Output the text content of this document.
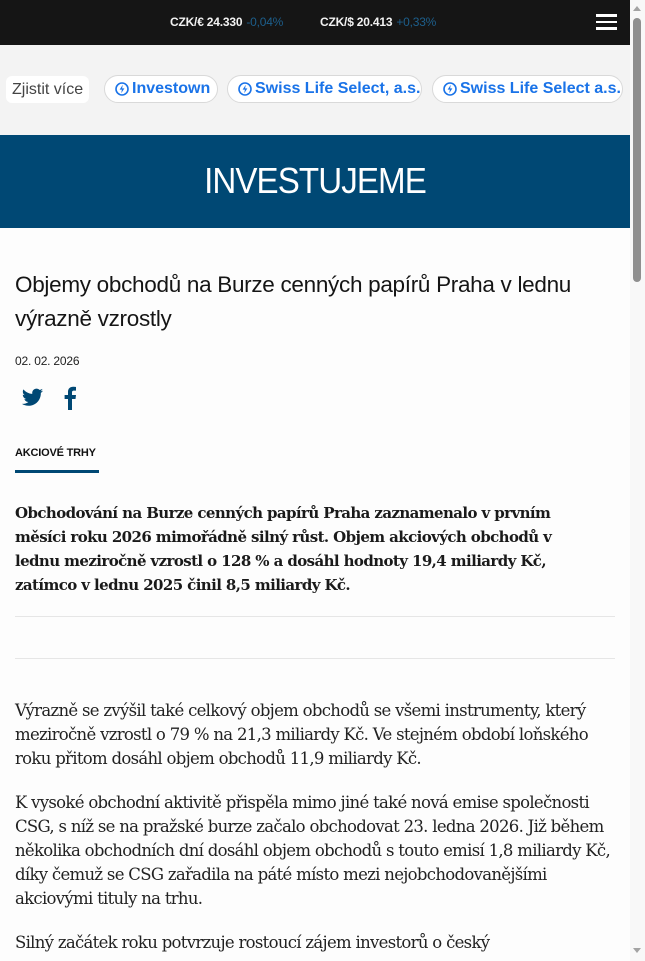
CZK/€ 24.330 -0,04%	CZK/$ 20.413 +0,33%
Zjistit více	Investown	Swiss Life Select, a.s.	Swiss Life Select a.s.
INVESTUJEME
Objemy obchodů na Burze cenných papírů Praha v lednu výrazně vzrostly
02. 02. 2026
AKCIOVÉ TRHY

Obchodování na Burze cenných papírů Praha zaznamenalo v prvním měsíci roku 2026 mimořádně silný růst. Objem akciových obchodů v lednu meziročně vzrostl o 128 % a dosáhl hodnoty 19,4 miliardy Kč, zatímco v lednu 2025 činil 8,5 miliardy Kč.

Výrazně se zvýšil také celkový objem obchodů se všemi instrumenty, který meziročně vzrostl o 79 % na 21,3 miliardy Kč. Ve stejném období loňského roku přitom dosáhl objem obchodů 11,9 miliardy Kč.

K vysoké obchodní aktivitě přispěla mimo jiné také nová emise společnosti CSG, s níž se na pražské burze začalo obchodovat 23. ledna 2026. Již během několika obchodních dní dosáhl objem obchodů s touto emisí 1,8 miliardy Kč, díky čemuž se CSG zařadila na páté místo mezi nejobchodovanějšími akciovými tituly na trhu.

Silný začátek roku potvrzuje rostoucí zájem investorů o český
